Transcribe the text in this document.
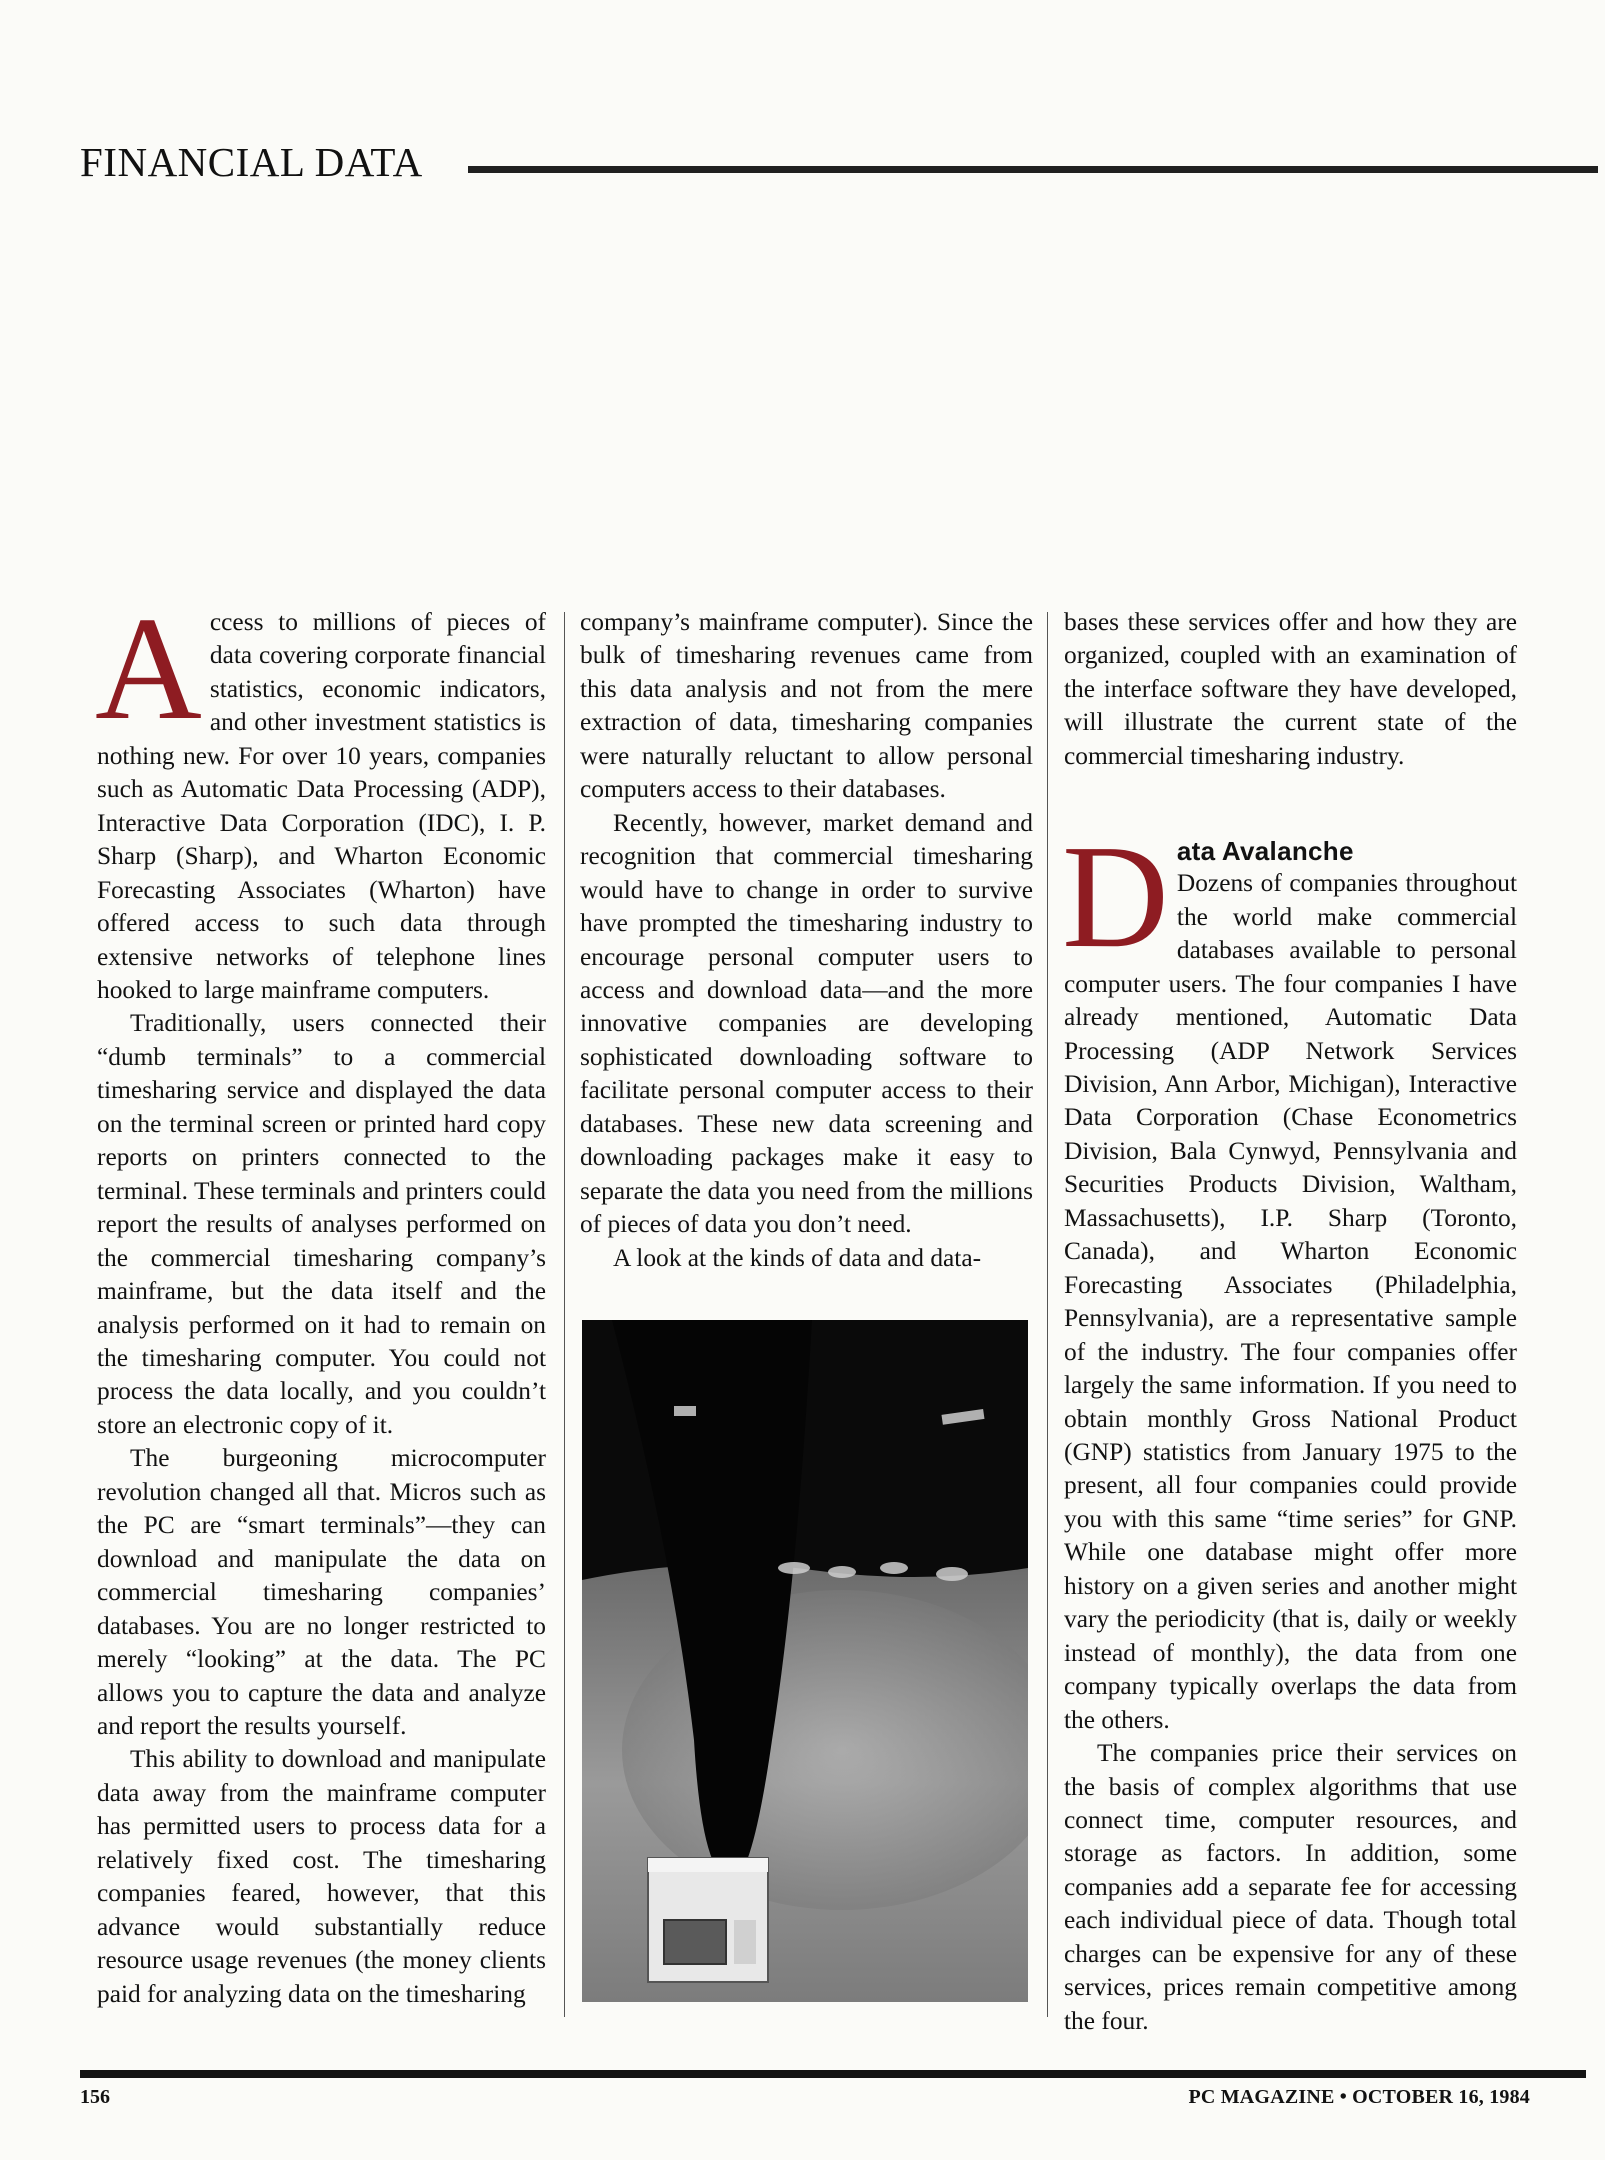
FINANCIAL DATA

Access to millions of pieces of data covering corporate financial statistics, economic indicators, and other investment statistics is nothing new. For over 10 years, companies such as Automatic Data Processing (ADP), Interactive Data Corporation (IDC), I. P. Sharp (Sharp), and Wharton Economic Forecasting Associates (Wharton) have offered access to such data through extensive networks of telephone lines hooked to large mainframe computers.

Traditionally, users connected their “dumb terminals” to a commercial timesharing service and displayed the data on the terminal screen or printed hard copy reports on printers connected to the terminal. These terminals and printers could report the results of analyses performed on the commercial timesharing company’s mainframe, but the data itself and the analysis performed on it had to remain on the timesharing computer. You could not process the data locally, and you couldn’t store an electronic copy of it.

The burgeoning microcomputer revolution changed all that. Micros such as the PC are “smart terminals”—they can download and manipulate the data on commercial timesharing companies’ databases. You are no longer restricted to merely “looking” at the data. The PC allows you to capture the data and analyze and report the results yourself.

This ability to download and manipulate data away from the mainframe computer has permitted users to process data for a relatively fixed cost. The timesharing companies feared, however, that this advance would substantially reduce resource usage revenues (the money clients paid for analyzing data on the timesharing

company’s mainframe computer). Since the bulk of timesharing revenues came from this data analysis and not from the mere extraction of data, timesharing companies were naturally reluctant to allow personal computers access to their databases.

Recently, however, market demand and recognition that commercial timesharing would have to change in order to survive have prompted the timesharing industry to encourage personal computer users to access and download data—and the more innovative companies are developing sophisticated downloading software to facilitate personal computer access to their databases. These new data screening and downloading packages make it easy to separate the data you need from the millions of pieces of data you don’t need.

A look at the kinds of data and data-

bases these services offer and how they are organized, coupled with an examination of the interface software they have developed, will illustrate the current state of the commercial timesharing industry.

D ata Avalanche
Dozens of companies throughout the world make commercial databases available to personal computer users. The four companies I have already mentioned, Automatic Data Processing (ADP Network Services Division, Ann Arbor, Michigan), Interactive Data Corporation (Chase Econometrics Division, Bala Cynwyd, Pennsylvania and Securities Products Division, Waltham, Massachusetts), I.P. Sharp (Toronto, Canada), and Wharton Economic Forecasting Associates (Philadelphia, Pennsylvania), are a representative sample of the industry. The four companies offer largely the same information. If you need to obtain monthly Gross National Product (GNP) statistics from January 1975 to the present, all four companies could provide you with this same “time series” for GNP. While one database might offer more history on a given series and another might vary the periodicity (that is, daily or weekly instead of monthly), the data from one company typically overlaps the data from the others.

The companies price their services on the basis of complex algorithms that use connect time, computer resources, and storage as factors. In addition, some companies add a separate fee for accessing each individual piece of data. Though total charges can be expensive for any of these services, prices remain competitive among the four.

156	PC MAGAZINE • OCTOBER 16, 1984
